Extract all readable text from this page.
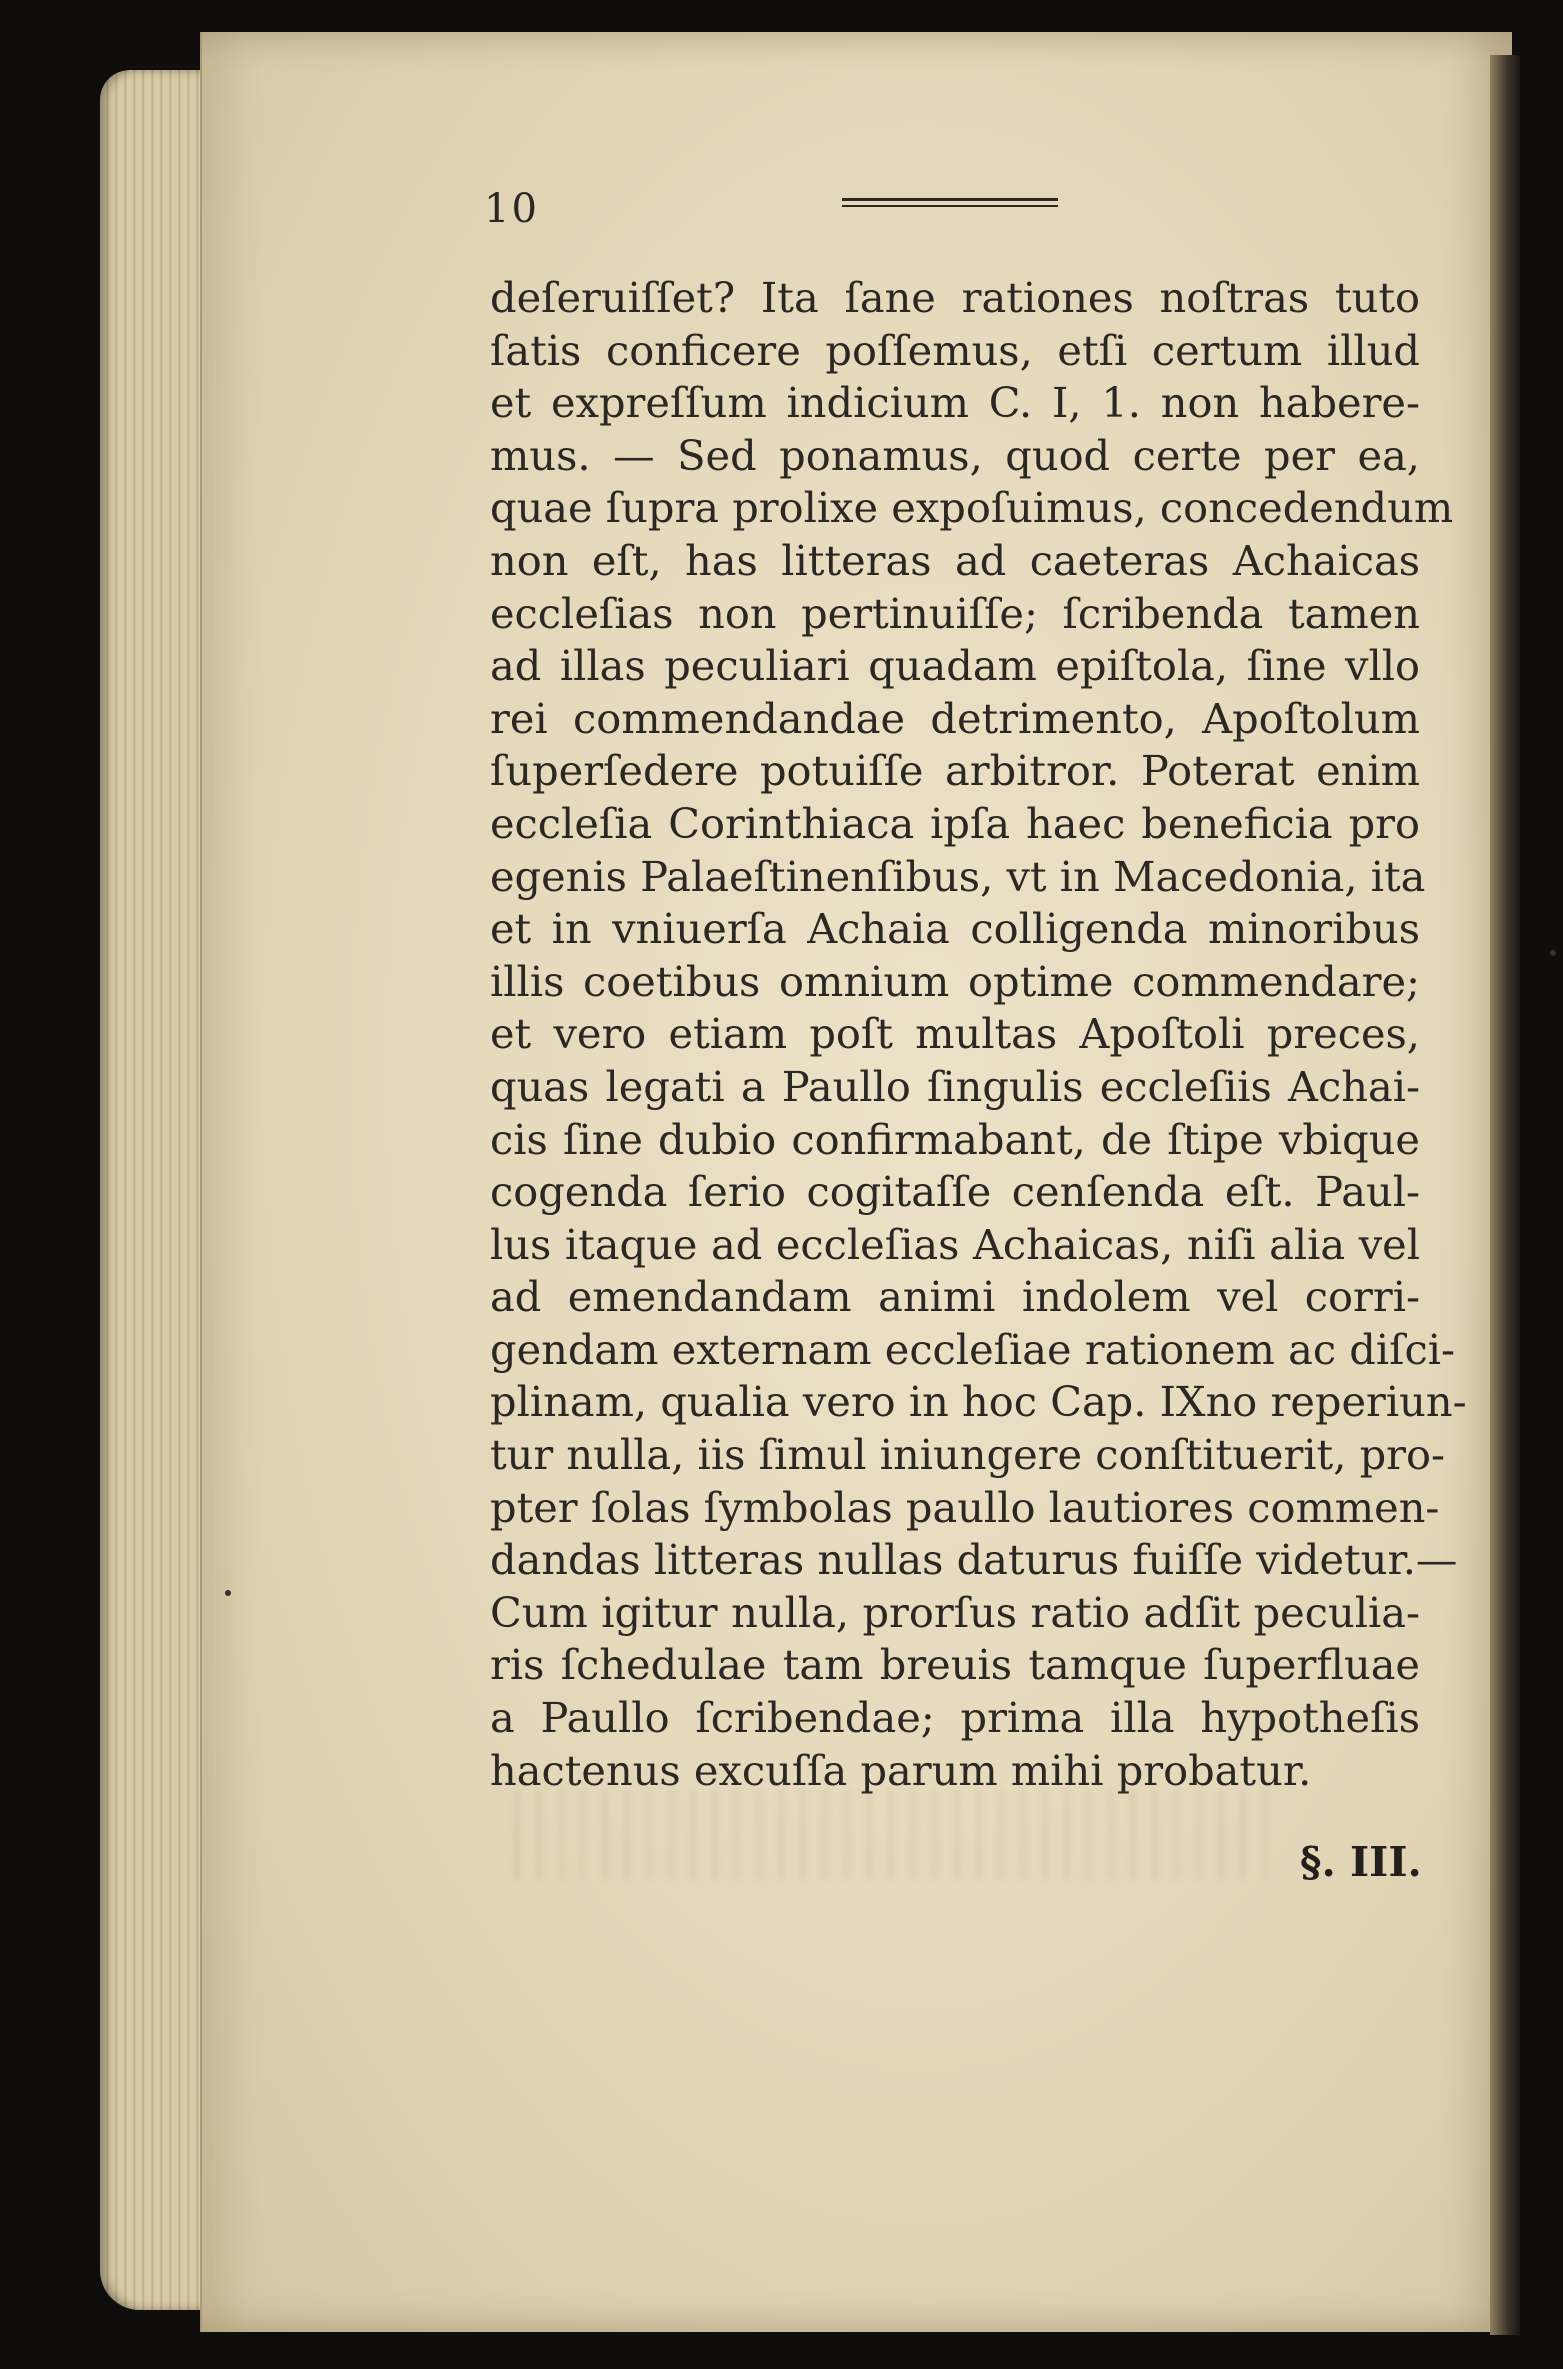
10
deſeruiſſet? Ita ſane rationes noſtras tuto
ſatis conficere poſſemus, etſi certum illud
et expreſſum indicium C. I, 1. non habere-
mus. — Sed ponamus, quod certe per ea,
quae ſupra prolixe expoſuimus, concedendum
non eſt, has litteras ad caeteras Achaicas
eccleſias non pertinuiſſe; ſcribenda tamen
ad illas peculiari quadam epiſtola, ſine vllo
rei commendandae detrimento, Apoſtolum
ſuperſedere potuiſſe arbitror. Poterat enim
eccleſia Corinthiaca ipſa haec beneficia pro
egenis Palaeſtinenſibus, vt in Macedonia, ita
et in vniuerſa Achaia colligenda minoribus
illis coetibus omnium optime commendare;
et vero etiam poſt multas Apoſtoli preces,
quas legati a Paullo ſingulis eccleſiis Achai-
cis ſine dubio confirmabant, de ſtipe vbique
cogenda ſerio cogitaſſe cenſenda eſt. Paul-
lus itaque ad eccleſias Achaicas, niſi alia vel
ad emendandam animi indolem vel corri-
gendam externam eccleſiae rationem ac diſci-
plinam, qualia vero in hoc Cap. IXno reperiun-
tur nulla, iis ſimul iniungere conſtituerit, pro-
pter ſolas ſymbolas paullo lautiores commen-
dandas litteras nullas daturus fuiſſe videtur.—
Cum igitur nulla, prorſus ratio adſit peculia-
ris ſchedulae tam breuis tamque ſuperfluae
a Paullo ſcribendae; prima illa hypotheſis
hactenus excuſſa parum mihi probatur.
§. III.
